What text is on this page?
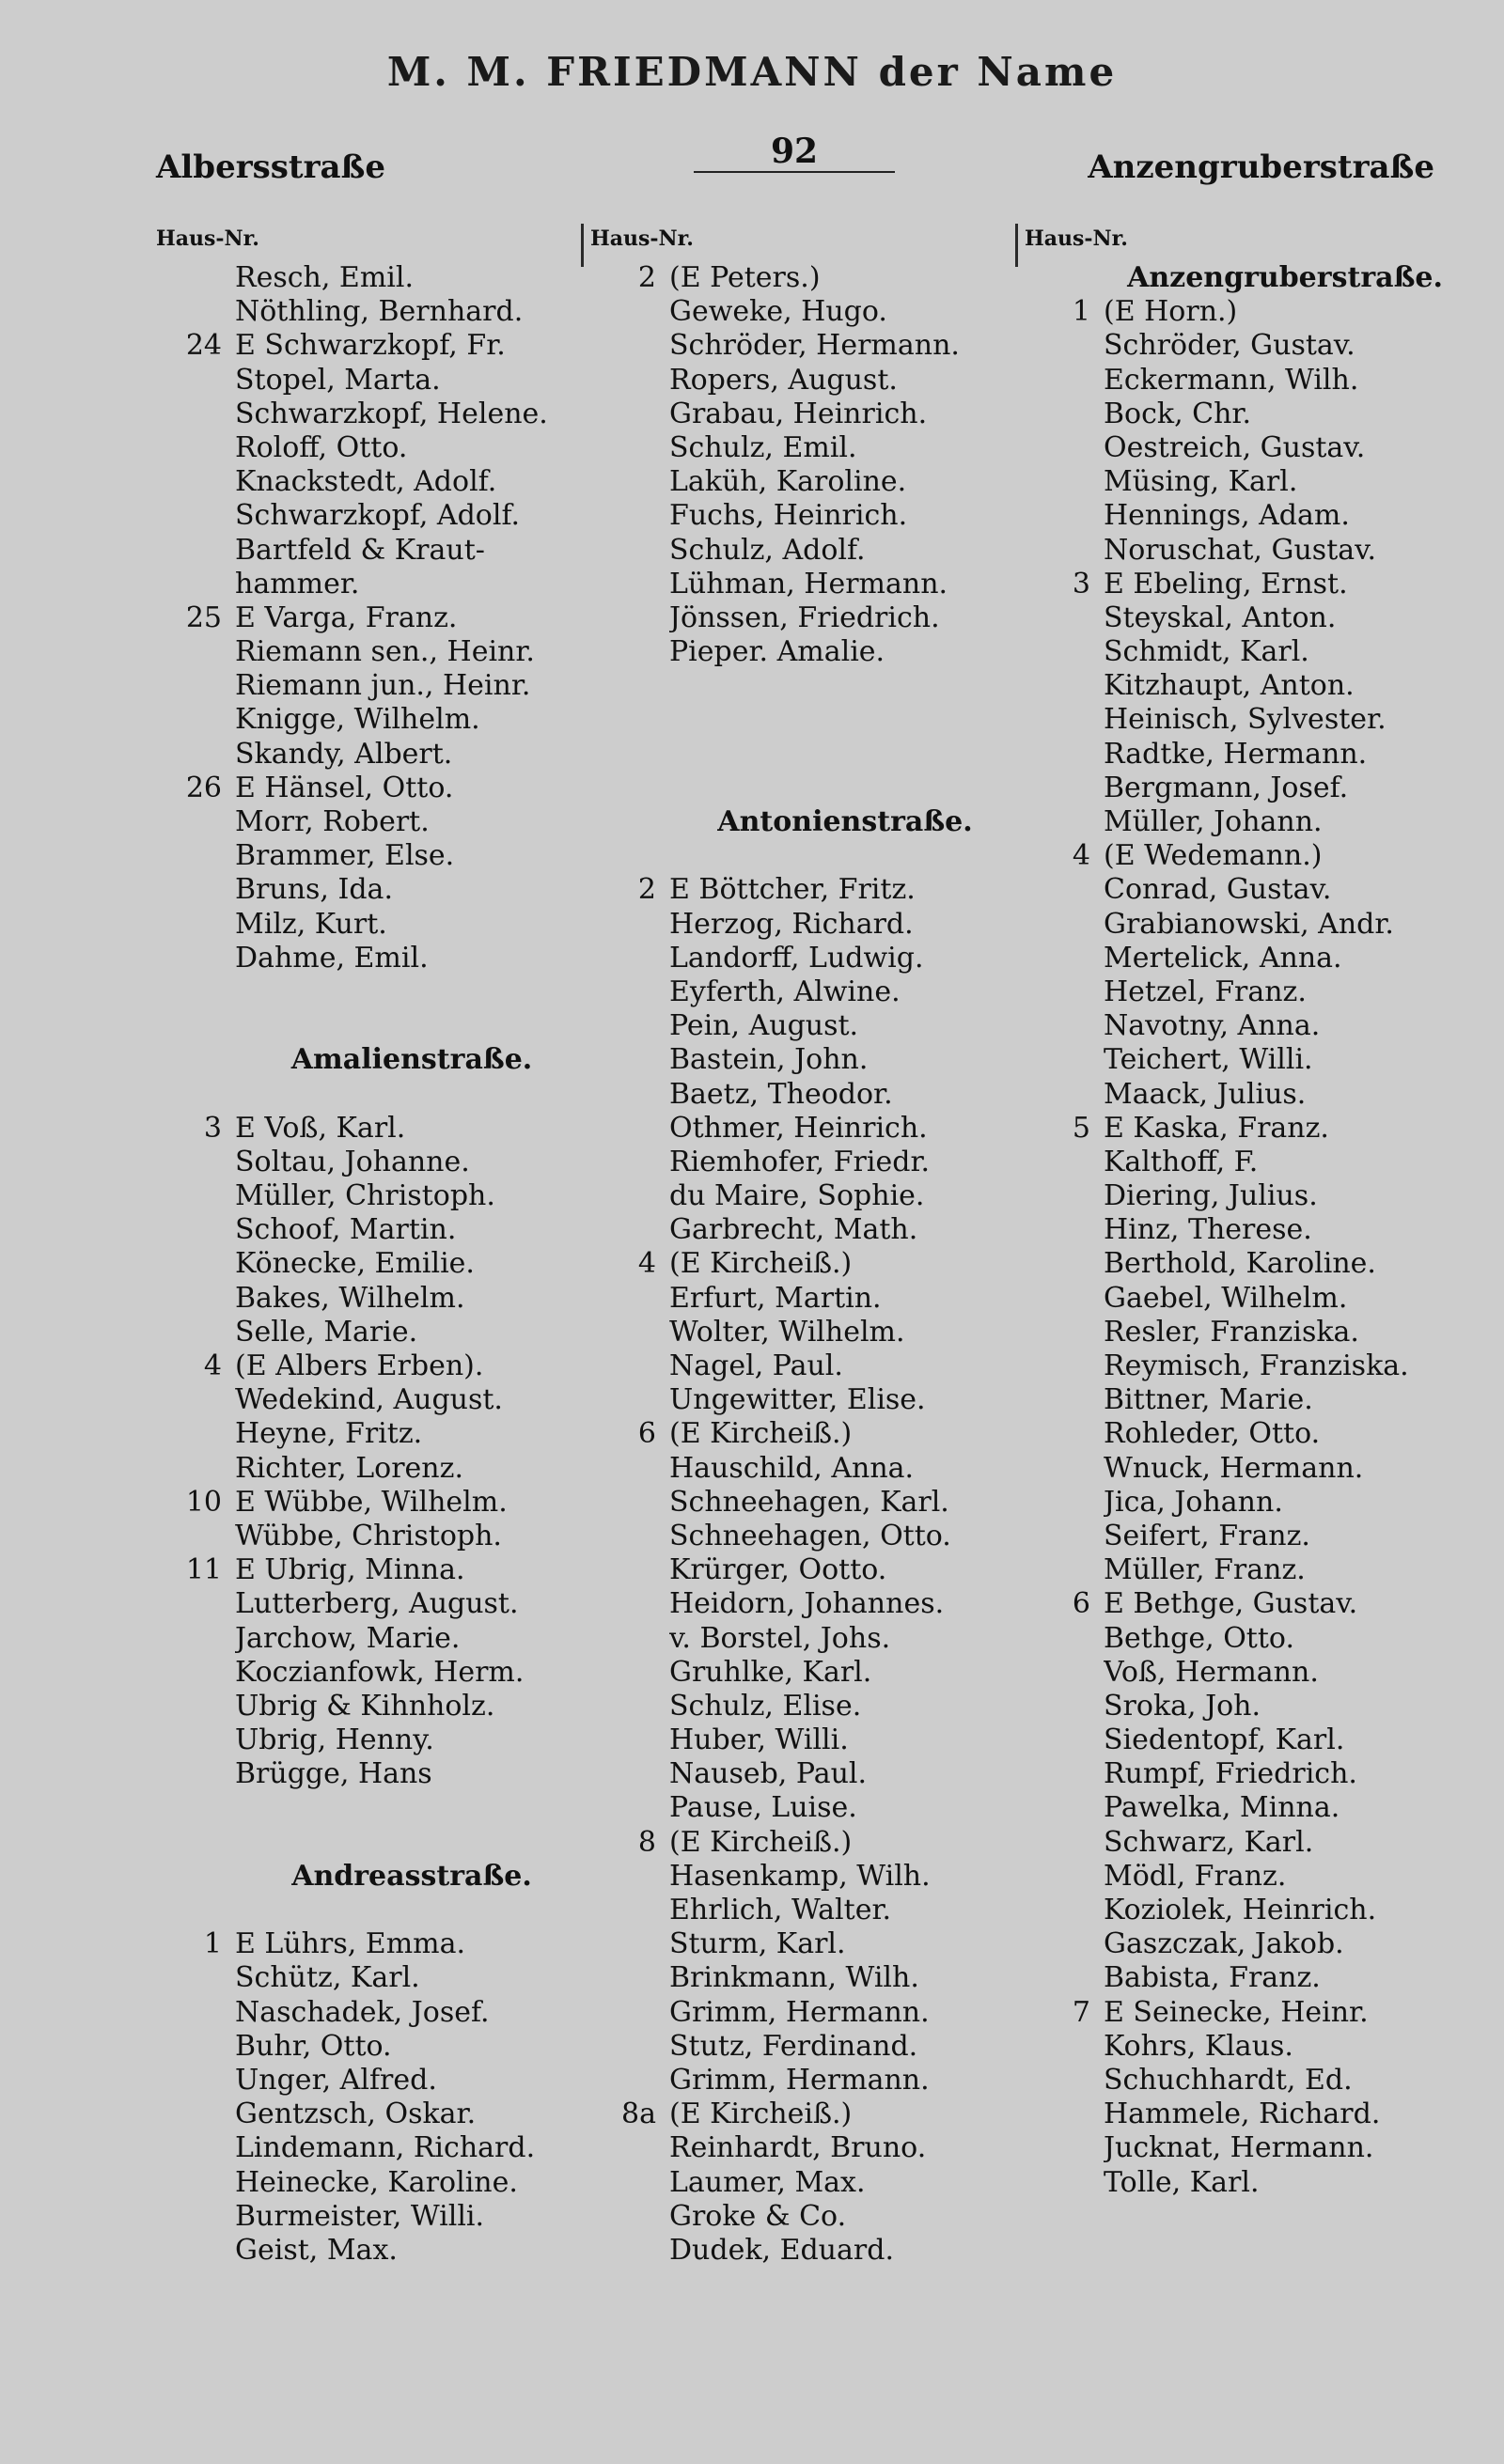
M. M. FRIEDMANN der Name
Albersstraße	92	Anzengruberstraße
Haus-Nr.
Resch, Emil.
Nöthling, Bernhard.
24 E Schwarzkopf, Fr.
Stopel, Marta.
Schwarzkopf, Helene.
Roloff, Otto.
Knackstedt, Adolf.
Schwarzkopf, Adolf.
Bartfeld & Kraut-
hammer.
25 E Varga, Franz.
Riemann sen., Heinr.
Riemann jun., Heinr.
Knigge, Wilhelm.
Skandy, Albert.
26 E Hänsel, Otto.
Morr, Robert.
Brammer, Else.
Bruns, Ida.
Milz, Kurt.
Dahme, Emil.
Amalienstraße.
3 E Voß, Karl.
Soltau, Johanne.
Müller, Christoph.
Schoof, Martin.
Könecke, Emilie.
Bakes, Wilhelm.
Selle, Marie.
4 (E Albers Erben).
Wedekind, August.
Heyne, Fritz.
Richter, Lorenz.
10 E Wübbe, Wilhelm.
Wübbe, Christoph.
11 E Ubrig, Minna.
Lutterberg, August.
Jarchow, Marie.
Koczianfowk, Herm.
Ubrig & Kihnholz.
Ubrig, Henny.
Brügge, Hans
Andreasstraße.
1 E Lührs, Emma.
Schütz, Karl.
Naschadek, Josef.
Buhr, Otto.
Unger, Alfred.
Gentzsch, Oskar.
Lindemann, Richard.
Heinecke, Karoline.
Burmeister, Willi.
Geist, Max.
Haus-Nr.
2 (E Peters.)
Geweke, Hugo.
Schröder, Hermann.
Ropers, August.
Grabau, Heinrich.
Schulz, Emil.
Laküh, Karoline.
Fuchs, Heinrich.
Schulz, Adolf.
Lühman, Hermann.
Jönssen, Friedrich.
Pieper. Amalie.
Antonienstraße.
2 E Böttcher, Fritz.
Herzog, Richard.
Landorff, Ludwig.
Eyferth, Alwine.
Pein, August.
Bastein, John.
Baetz, Theodor.
Othmer, Heinrich.
Riemhofer, Friedr.
du Maire, Sophie.
Garbrecht, Math.
4 (E Kircheiß.)
Erfurt, Martin.
Wolter, Wilhelm.
Nagel, Paul.
Ungewitter, Elise.
6 (E Kircheiß.)
Hauschild, Anna.
Schneehagen, Karl.
Schneehagen, Otto.
Krürger, Ootto.
Heidorn, Johannes.
v. Borstel, Johs.
Gruhlke, Karl.
Schulz, Elise.
Huber, Willi.
Nauseb, Paul.
Pause, Luise.
8 (E Kircheiß.)
Hasenkamp, Wilh.
Ehrlich, Walter.
Sturm, Karl.
Brinkmann, Wilh.
Grimm, Hermann.
Stutz, Ferdinand.
Grimm, Hermann.
8a (E Kircheiß.)
Reinhardt, Bruno.
Laumer, Max.
Groke & Co.
Dudek, Eduard.
Haus-Nr.
Anzengruberstraße.
1 (E Horn.)
Schröder, Gustav.
Eckermann, Wilh.
Bock, Chr.
Oestreich, Gustav.
Müsing, Karl.
Hennings, Adam.
Noruschat, Gustav.
3 E Ebeling, Ernst.
Steyskal, Anton.
Schmidt, Karl.
Kitzhaupt, Anton.
Heinisch, Sylvester.
Radtke, Hermann.
Bergmann, Josef.
Müller, Johann.
4 (E Wedemann.)
Conrad, Gustav.
Grabianowski, Andr.
Mertelick, Anna.
Hetzel, Franz.
Navotny, Anna.
Teichert, Willi.
Maack, Julius.
5 E Kaska, Franz.
Kalthoff, F.
Diering, Julius.
Hinz, Therese.
Berthold, Karoline.
Gaebel, Wilhelm.
Resler, Franziska.
Reymisch, Franziska.
Bittner, Marie.
Rohleder, Otto.
Wnuck, Hermann.
Jica, Johann.
Seifert, Franz.
Müller, Franz.
6 E Bethge, Gustav.
Bethge, Otto.
Voß, Hermann.
Sroka, Joh.
Siedentopf, Karl.
Rumpf, Friedrich.
Pawelka, Minna.
Schwarz, Karl.
Mödl, Franz.
Koziolek, Heinrich.
Gaszczak, Jakob.
Babista, Franz.
7 E Seinecke, Heinr.
Kohrs, Klaus.
Schuchhardt, Ed.
Hammele, Richard.
Jucknat, Hermann.
Tolle, Karl.
